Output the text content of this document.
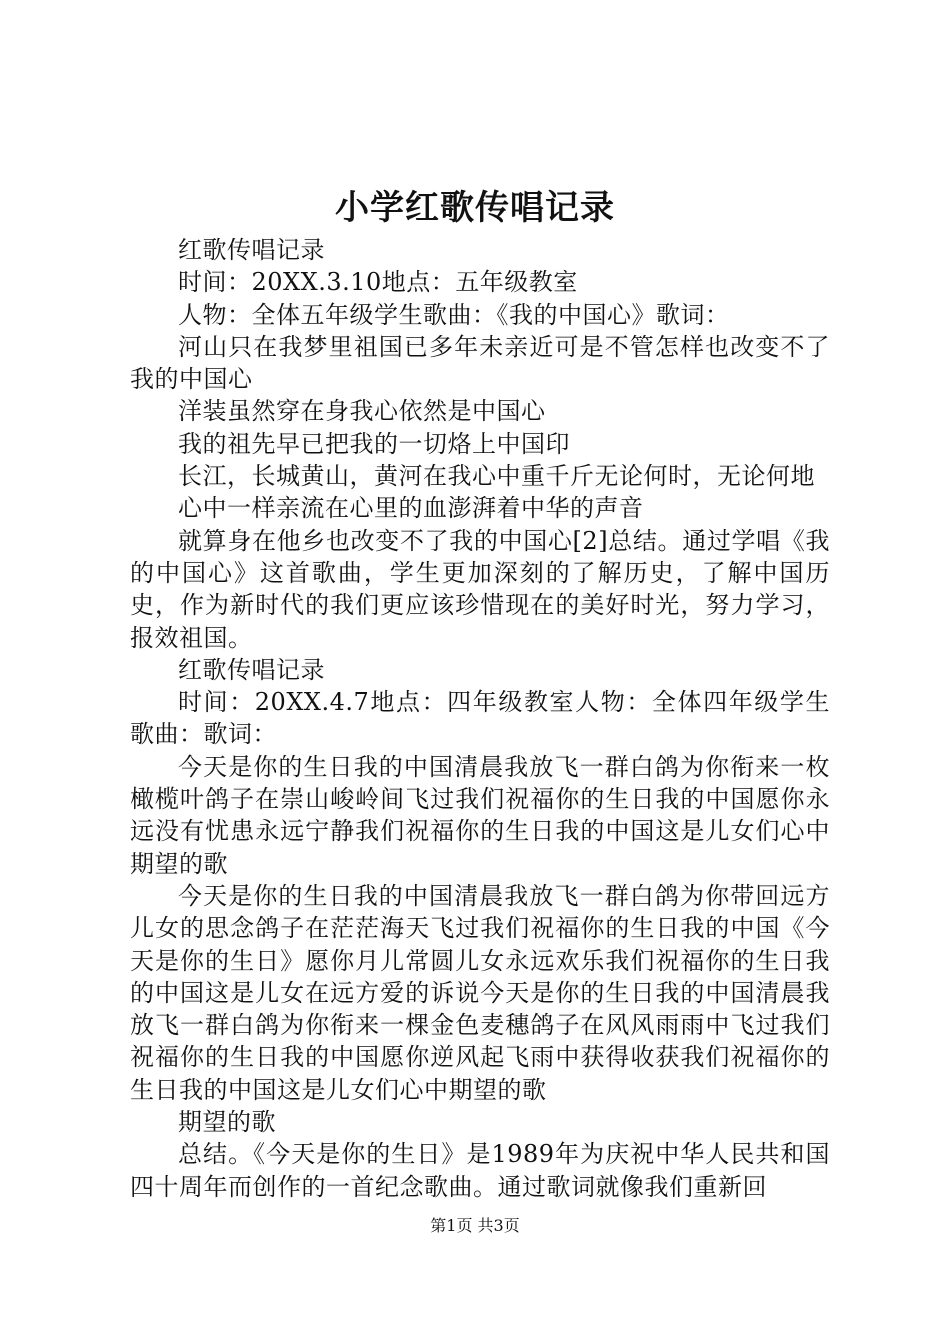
小学红歌传唱记录

红歌传唱记录

时间：20XX.3.10地点：五年级教室

人物：全体五年级学生歌曲：《我的中国心》歌词：

河山只在我梦里祖国已多年未亲近可是不管怎样也改变不了我的中国心

洋装虽然穿在身我心依然是中国心

我的祖先早已把我的一切烙上中国印

长江，长城黄山，黄河在我心中重千斤无论何时，无论何地

心中一样亲流在心里的血澎湃着中华的声音

就算身在他乡也改变不了我的中国心[2]总结。通过学唱《我的中国心》这首歌曲，学生更加深刻的了解历史，了解中国历史，作为新时代的我们更应该珍惜现在的美好时光，努力学习，报效祖国。

红歌传唱记录

时间：20XX.4.7地点：四年级教室人物：全体四年级学生歌曲：歌词：

今天是你的生日我的中国清晨我放飞一群白鸽为你衔来一枚橄榄叶鸽子在崇山峻岭间飞过我们祝福你的生日我的中国愿你永远没有忧患永远宁静我们祝福你的生日我的中国这是儿女们心中期望的歌

今天是你的生日我的中国清晨我放飞一群白鸽为你带回远方儿女的思念鸽子在茫茫海天飞过我们祝福你的生日我的中国《今天是你的生日》愿你月儿常圆儿女永远欢乐我们祝福你的生日我的中国这是儿女在远方爱的诉说今天是你的生日我的中国清晨我放飞一群白鸽为你衔来一棵金色麦穗鸽子在风风雨雨中飞过我们祝福你的生日我的中国愿你逆风起飞雨中获得收获我们祝福你的生日我的中国这是儿女们心中期望的歌

期望的歌

总结。《今天是你的生日》是1989年为庆祝中华人民共和国四十周年而创作的一首纪念歌曲。通过歌词就像我们重新回

第1页 共3页
